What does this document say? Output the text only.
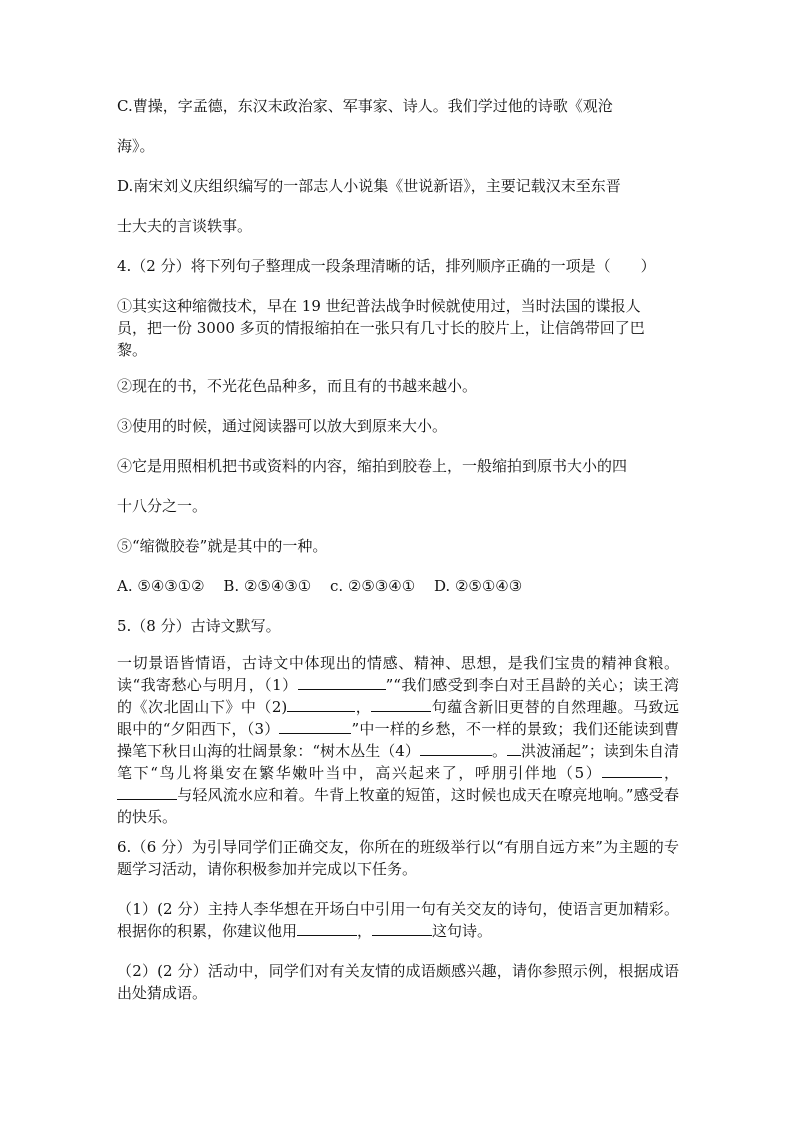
C.曹操，字孟德，东汉末政治家、军事家、诗人。我们学过他的诗歌《观沧
海》。
D.南宋刘义庆组织编写的一部志人小说集《世说新语》，主要记载汉末至东晋
士大夫的言谈轶事。
4.（2 分）将下列句子整理成一段条理清晰的话，排列顺序正确的一项是（　　）
①其实这种缩微技术，早在 19 世纪普法战争时候就使用过，当时法国的谍报人
员，把一份 3000 多页的情报缩拍在一张只有几寸长的胶片上，让信鸽带回了巴
黎。
②现在的书，不光花色品种多，而且有的书越来越小。
③使用的时候，通过阅读器可以放大到原来大小。
④它是用照相机把书或资料的内容，缩拍到胶卷上，一般缩拍到原书大小的四
十八分之一。
⑤“缩微胶卷”就是其中的一种。
A. ⑤④③①② B. ②⑤④③① c. ②⑤③④① D. ②⑤①④③
5.（8 分）古诗文默写。
一切景语皆情语，古诗文中体现出的情感、精神、思想，是我们宝贵的精神食粮。读“我寄愁心与明月，（1）	”“我们感受到李白对王昌龄的关心；读王湾的《次北固山下》中（2)	，	句蕴含新旧更替的自然理趣。马致远眼中的“夕阳西下，（3）	”中一样的乡愁，不一样的景致；我们还能读到曹操笔下秋日山海的壮阔景象：“树木丛生（4）	。 洪波涌起”；读到朱自清笔下“鸟儿将巢安在繁华嫩叶当中，高兴起来了，呼朋引伴地（5）	，与轻风流水应和着。牛背上牧童的短笛，这时候也成天在嘹亮地响。”感受春的快乐。
6.（6 分）为引导同学们正确交友，你所在的班级举行以“有朋自远方来”为主题的专题学习活动，请你积极参加并完成以下任务。
（1）(2 分）主持人李华想在开场白中引用一句有关交友的诗句，使语言更加精彩。根据你的积累，你建议他用	，	这句诗。
（2）(2 分）活动中，同学们对有关友情的成语颇感兴趣，请你参照示例，根据成语出处猜成语。
